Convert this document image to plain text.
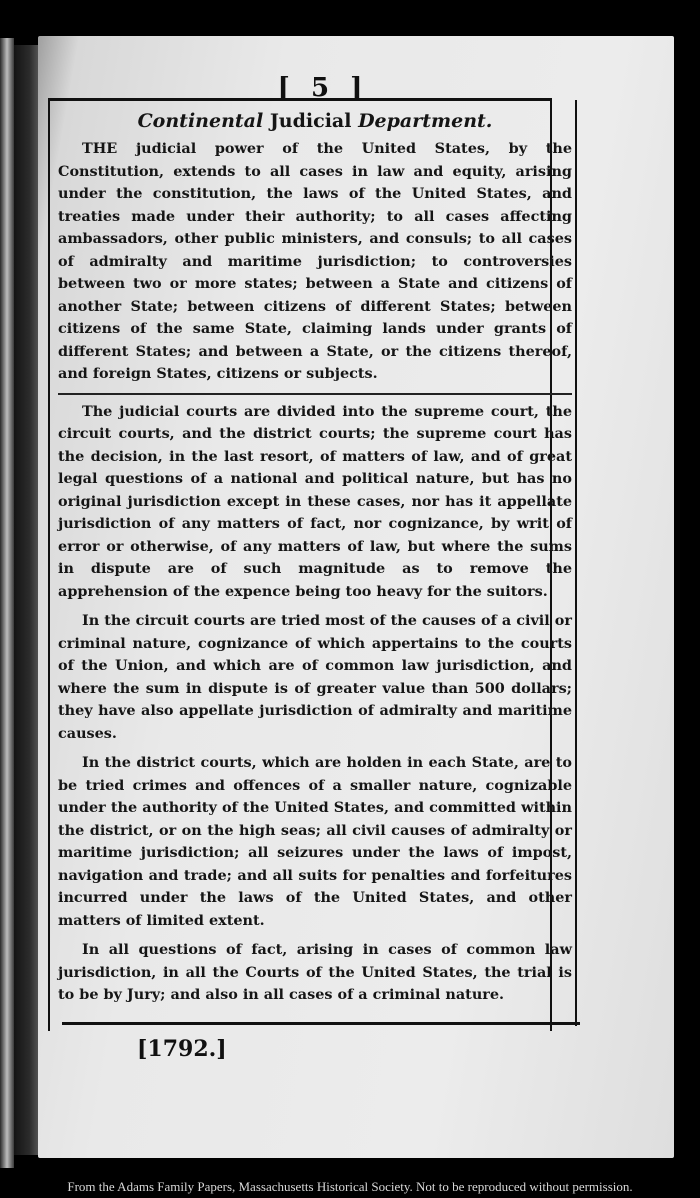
[ 5 ]
Continental Judicial Department.

THE judicial power of the United States, by the Constitution, extends to all cases in law and equity, arising under the constitution, the laws of the United States, and treaties made under their authority; to all cases affecting ambassadors, other public ministers, and consuls; to all cases of admiralty and maritime jurisdiction; to controversies between two or more states; between a State and citizens of another State; between citizens of different States; between citizens of the same State, claiming lands under grants of different States; and between a State, or the citizens thereof, and foreign States, citizens or subjects.

The judicial courts are divided into the supreme court, the circuit courts, and the district courts; the supreme court has the decision, in the last resort, of matters of law, and of great legal questions of a national and political nature, but has no original jurisdiction except in these cases, nor has it appellate jurisdiction of any matters of fact, nor cognizance, by writ of error or otherwise, of any matters of law, but where the sums in dispute are of such magnitude as to remove the apprehension of the expence being too heavy for the suitors.

In the circuit courts are tried most of the causes of a civil or criminal nature, cognizance of which appertains to the courts of the Union, and which are of common law jurisdiction, and where the sum in dispute is of greater value than 500 dollars; they have also appellate jurisdiction of admiralty and maritime causes.

In the district courts, which are holden in each State, are to be tried crimes and offences of a smaller nature, cognizable under the authority of the United States, and committed within the district, or on the high seas; all civil causes of admiralty or maritime jurisdiction; all seizures under the laws of impost, navigation and trade; and all suits for penalties and forfeitures incurred under the laws of the United States, and other matters of limited extent.

In all questions of fact, arising in cases of common law jurisdiction, in all the Courts of the United States, the trial is to be by Jury; and also in all cases of a criminal nature.

[1792.]
From the Adams Family Papers, Massachusetts Historical Society. Not to be reproduced without permission.
